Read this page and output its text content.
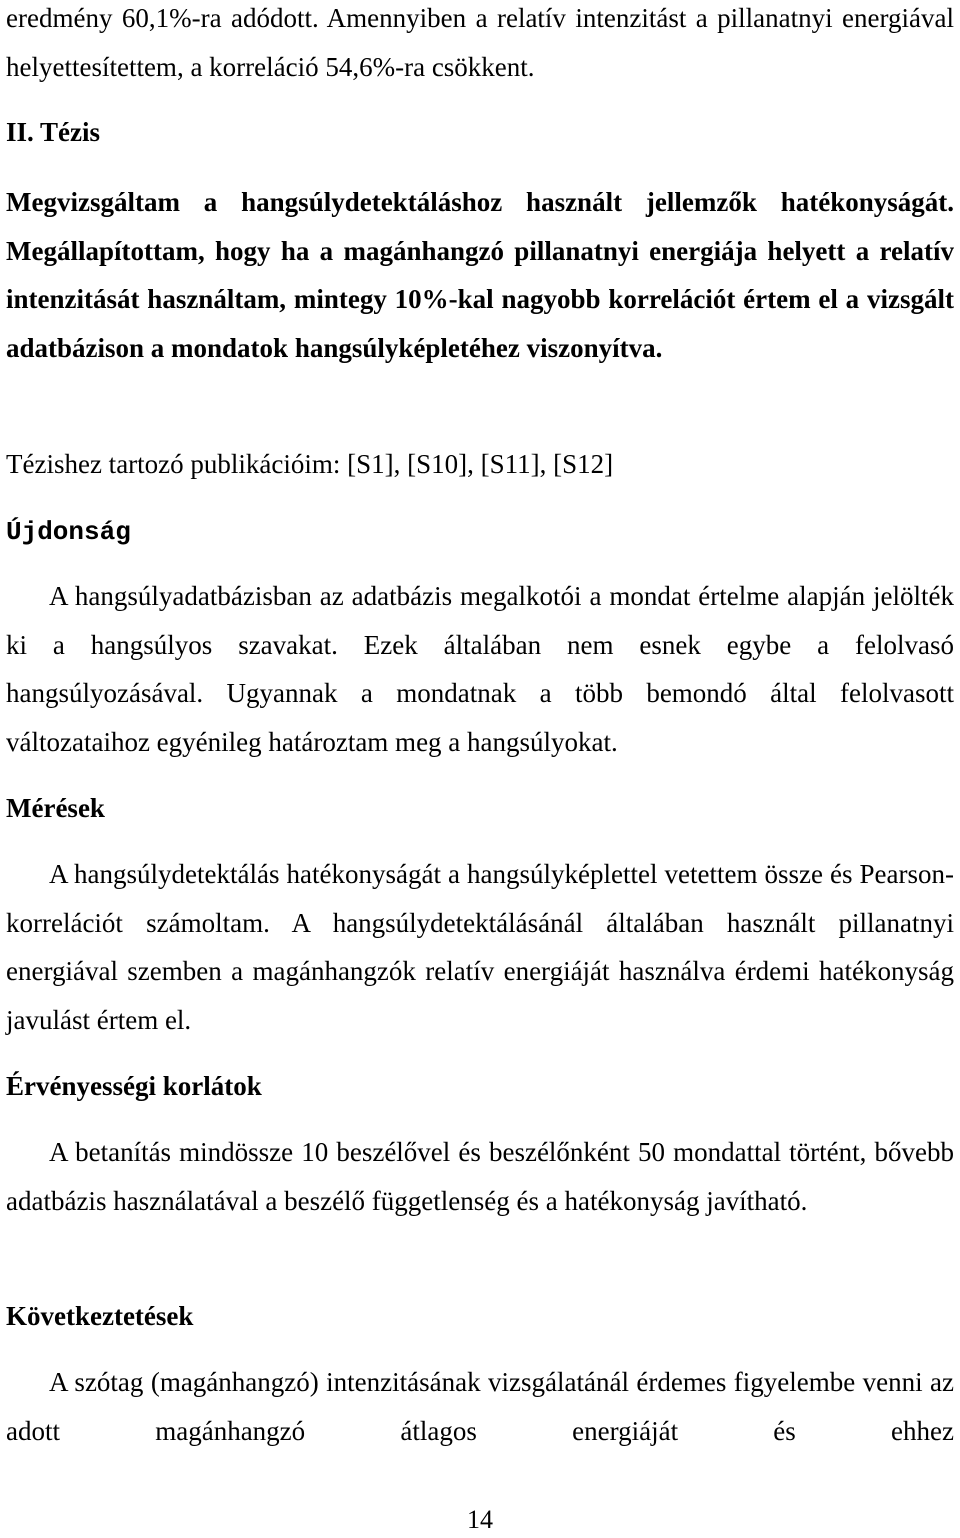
eredmény 60,1%-ra adódott. Amennyiben a relatív intenzitást a pillanatnyi energiával helyettesítettem, a korreláció 54,6%-ra csökkent.

II. Tézis

Megvizsgáltam a hangsúlydetektáláshoz használt jellemzők hatékonyságát. Megállapítottam, hogy ha a magánhangzó pillanatnyi energiája helyett a relatív intenzitását használtam, mintegy 10%-kal nagyobb korrelációt értem el a vizsgált adatbázison a mondatok hangsúlyképletéhez viszonyítva.

Tézishez tartozó publikációim: [S1], [S10], [S11], [S12]

Újdonság

A hangsúlyadatbázisban az adatbázis megalkotói a mondat értelme alapján jelölték ki a hangsúlyos szavakat. Ezek általában nem esnek egybe a felolvasó hangsúlyozásával. Ugyannak a mondatnak a több bemondó által felolvasott változataihoz egyénileg határoztam meg a hangsúlyokat.

Mérések

A hangsúlydetektálás hatékonyságát a hangsúlyképlettel vetettem össze és Pearson-korrelációt számoltam. A hangsúlydetektálásánál általában használt pillanatnyi energiával szemben a magánhangzók relatív energiáját használva érdemi hatékonyság javulást értem el.

Érvényességi korlátok

A betanítás mindössze 10 beszélővel és beszélőnként 50 mondattal történt, bővebb adatbázis használatával a beszélő függetlenség és a hatékonyság javítható.

Következtetések

A szótag (magánhangzó) intenzitásának vizsgálatánál érdemes figyelembe venni az adott magánhangzó átlagos energiáját és ehhez

14
